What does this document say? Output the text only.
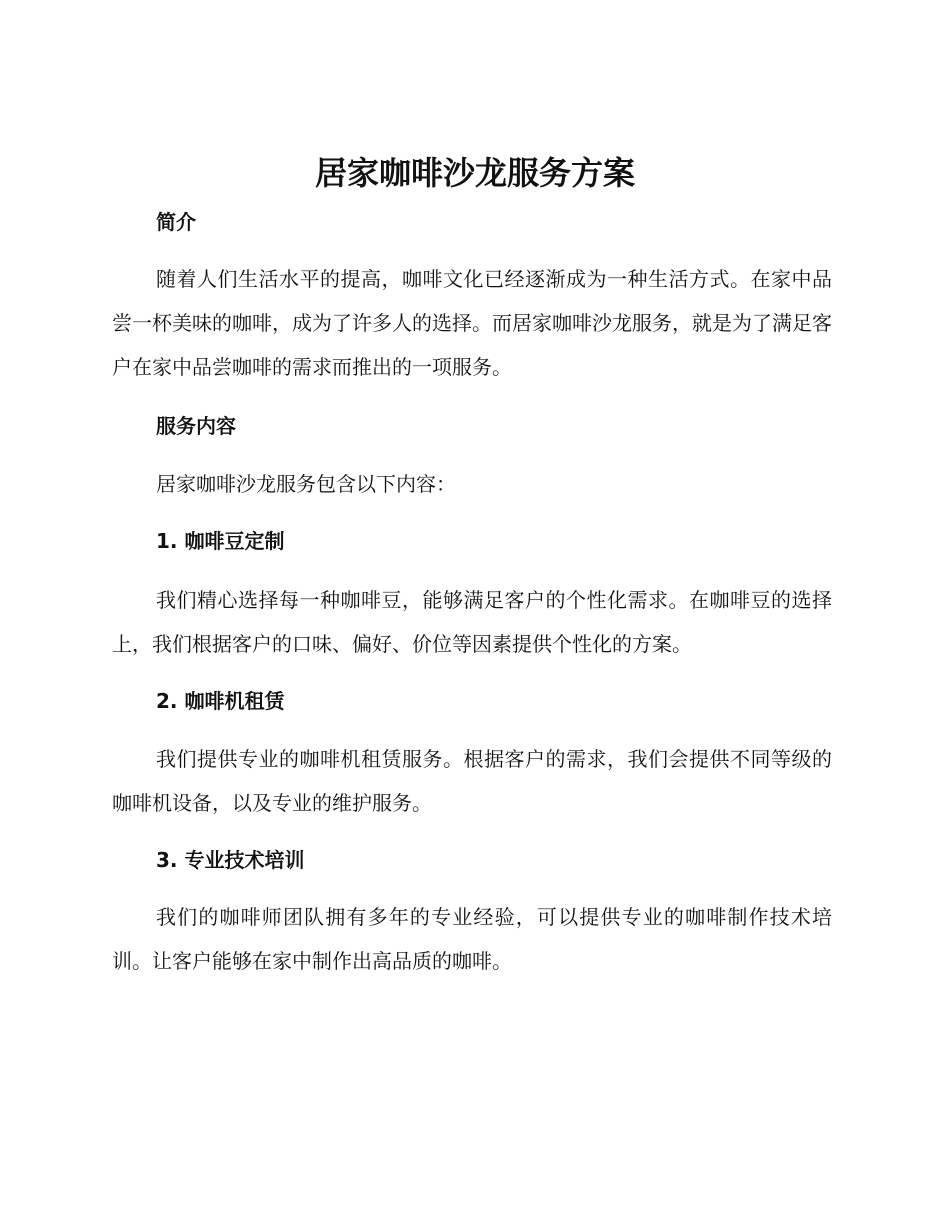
居家咖啡沙龙服务方案
简介

随着人们生活水平的提高，咖啡文化已经逐渐成为一种生活方式。在家中品尝一杯美味的咖啡，成为了许多人的选择。而居家咖啡沙龙服务，就是为了满足客户在家中品尝咖啡的需求而推出的一项服务。

服务内容

居家咖啡沙龙服务包含以下内容：

1. 咖啡豆定制

我们精心选择每一种咖啡豆，能够满足客户的个性化需求。在咖啡豆的选择上，我们根据客户的口味、偏好、价位等因素提供个性化的方案。

2. 咖啡机租赁

我们提供专业的咖啡机租赁服务。根据客户的需求，我们会提供不同等级的咖啡机设备，以及专业的维护服务。

3. 专业技术培训

我们的咖啡师团队拥有多年的专业经验，可以提供专业的咖啡制作技术培训。让客户能够在家中制作出高品质的咖啡。
